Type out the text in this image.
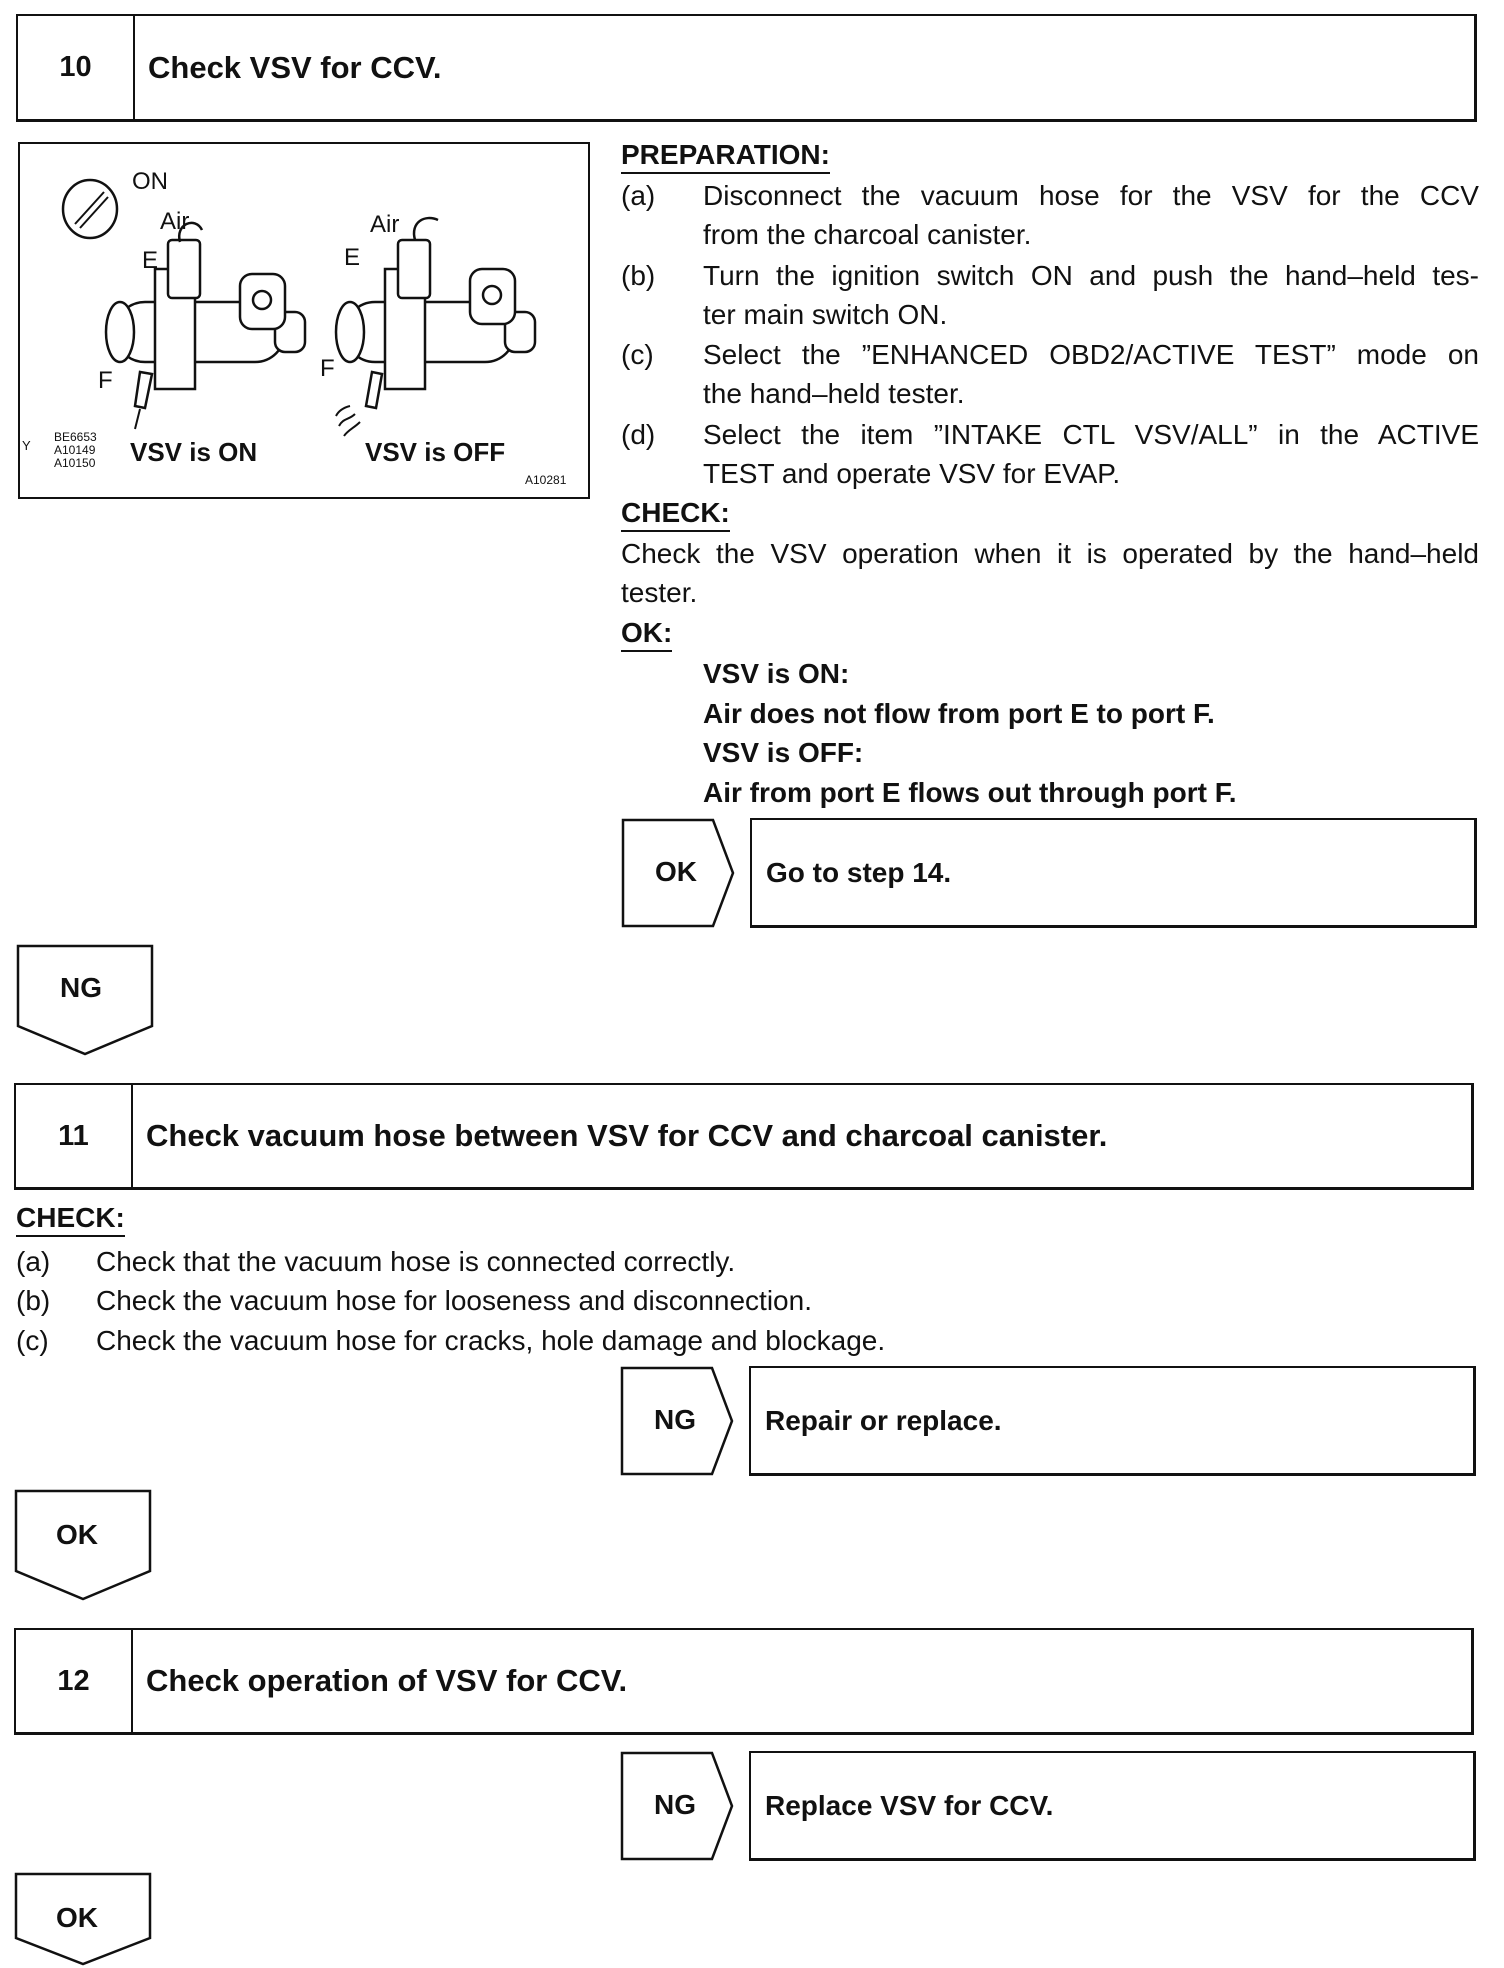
10	Check VSV for CCV.
ON
Air	Air
E	E
F	F
Y
BE6653
A10149
A10150 VSV is ON	VSV is OFF
A10281
PREPARATION:
(a) Disconnect the vacuum hose for the VSV for the CCV
from the charcoal canister.
(b) Turn the ignition switch ON and push the hand–held tes-
ter main switch ON.
(c) Select the ”ENHANCED OBD2/ACTIVE TEST” mode on
the hand–held tester.
(d) Select the item ”INTAKE CTL VSV/ALL” in the ACTIVE
TEST and operate VSV for EVAP.
CHECK:
Check the VSV operation when it is operated by the hand–held
tester.
OK:
VSV is ON:
Air does not flow from port E to port F.
VSV is OFF:
Air from port E flows out through port F.
OK	Go to step 14.
NG
11	Check vacuum hose between VSV for CCV and charcoal canister.
CHECK:
(a) Check that the vacuum hose is connected correctly.
(b) Check the vacuum hose for looseness and disconnection.
(c) Check the vacuum hose for cracks, hole damage and blockage.
NG	Repair or replace.
OK
12	Check operation of VSV for CCV.
NG	Replace VSV for CCV.
OK
